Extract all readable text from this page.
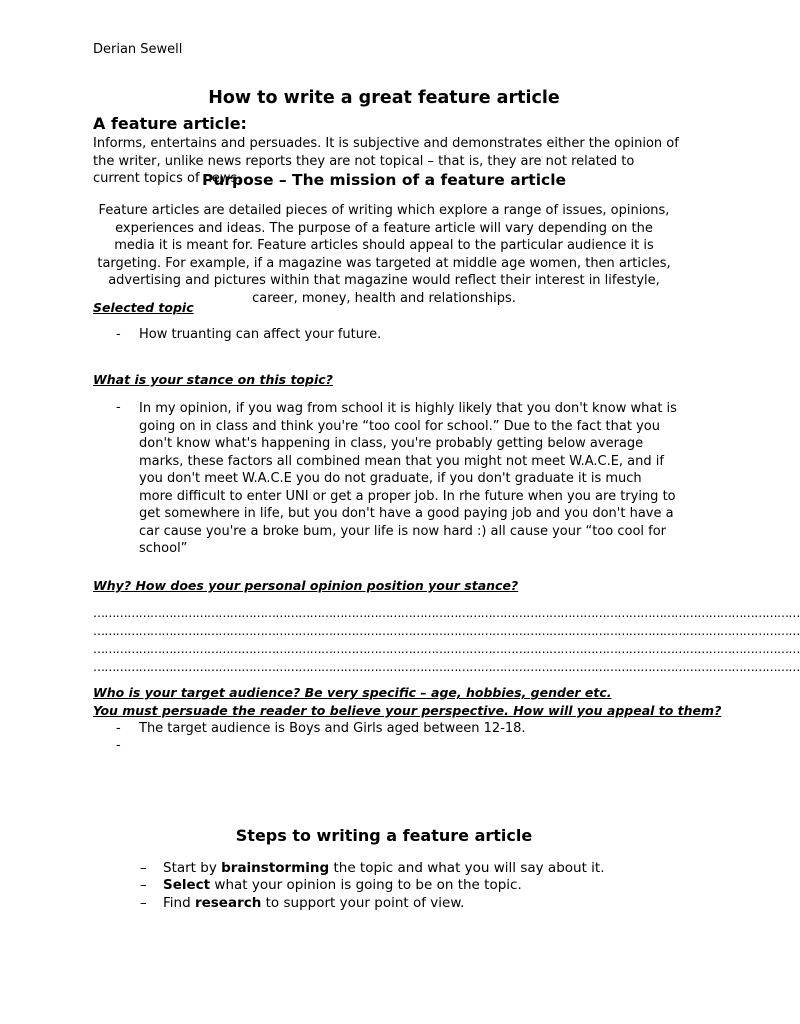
Derian Sewell
How to write a great feature article
A feature article:
Informs, entertains and persuades. It is subjective and demonstrates either the opinion of the writer, unlike news reports they are not topical – that is, they are not related to current topics of news.
Purpose – The mission of a feature article
Feature articles are detailed pieces of writing which explore a range of issues, opinions, experiences and ideas. The purpose of a feature article will vary depending on the media it is meant for. Feature articles should appeal to the particular audience it is targeting. For example, if a magazine was targeted at middle age women, then articles, advertising and pictures within that magazine would reflect their interest in lifestyle, career, money, health and relationships.
Selected topic
- How truanting can affect your future.
What is your stance on this topic?
- In my opinion, if you wag from school it is highly likely that you don't know what is going on in class and think you're “too cool for school.” Due to the fact that you don't know what's happening in class, you're probably getting below average marks, these factors all combined mean that you might not meet W.A.C.E, and if you don't meet W.A.C.E you do not graduate, if you don't graduate it is much more difficult to enter UNI or get a proper job. In rhe future when you are trying to get somewhere in life, but you don't have a good paying job and you don't have a car cause you're a broke bum, your life is now hard :) all cause your “too cool for school”
Why? How does your personal opinion position your stance?
……………………………………………………………………………………………………………………………………………………………………
……………………………………………………………………………………………………………………………………………………………………
……………………………………………………………………………………………………………………………………………………………………
……………………………………………………………………………………………………………………………………………………………………
Who is your target audience? Be very specific – age, hobbies, gender etc.
You must persuade the reader to believe your perspective. How will you appeal to them?
- The target audience is Boys and Girls aged between 12-18.
-
Steps to writing a feature article
– Start by brainstorming the topic and what you will say about it.
– Select what your opinion is going to be on the topic.
– Find research to support your point of view.
